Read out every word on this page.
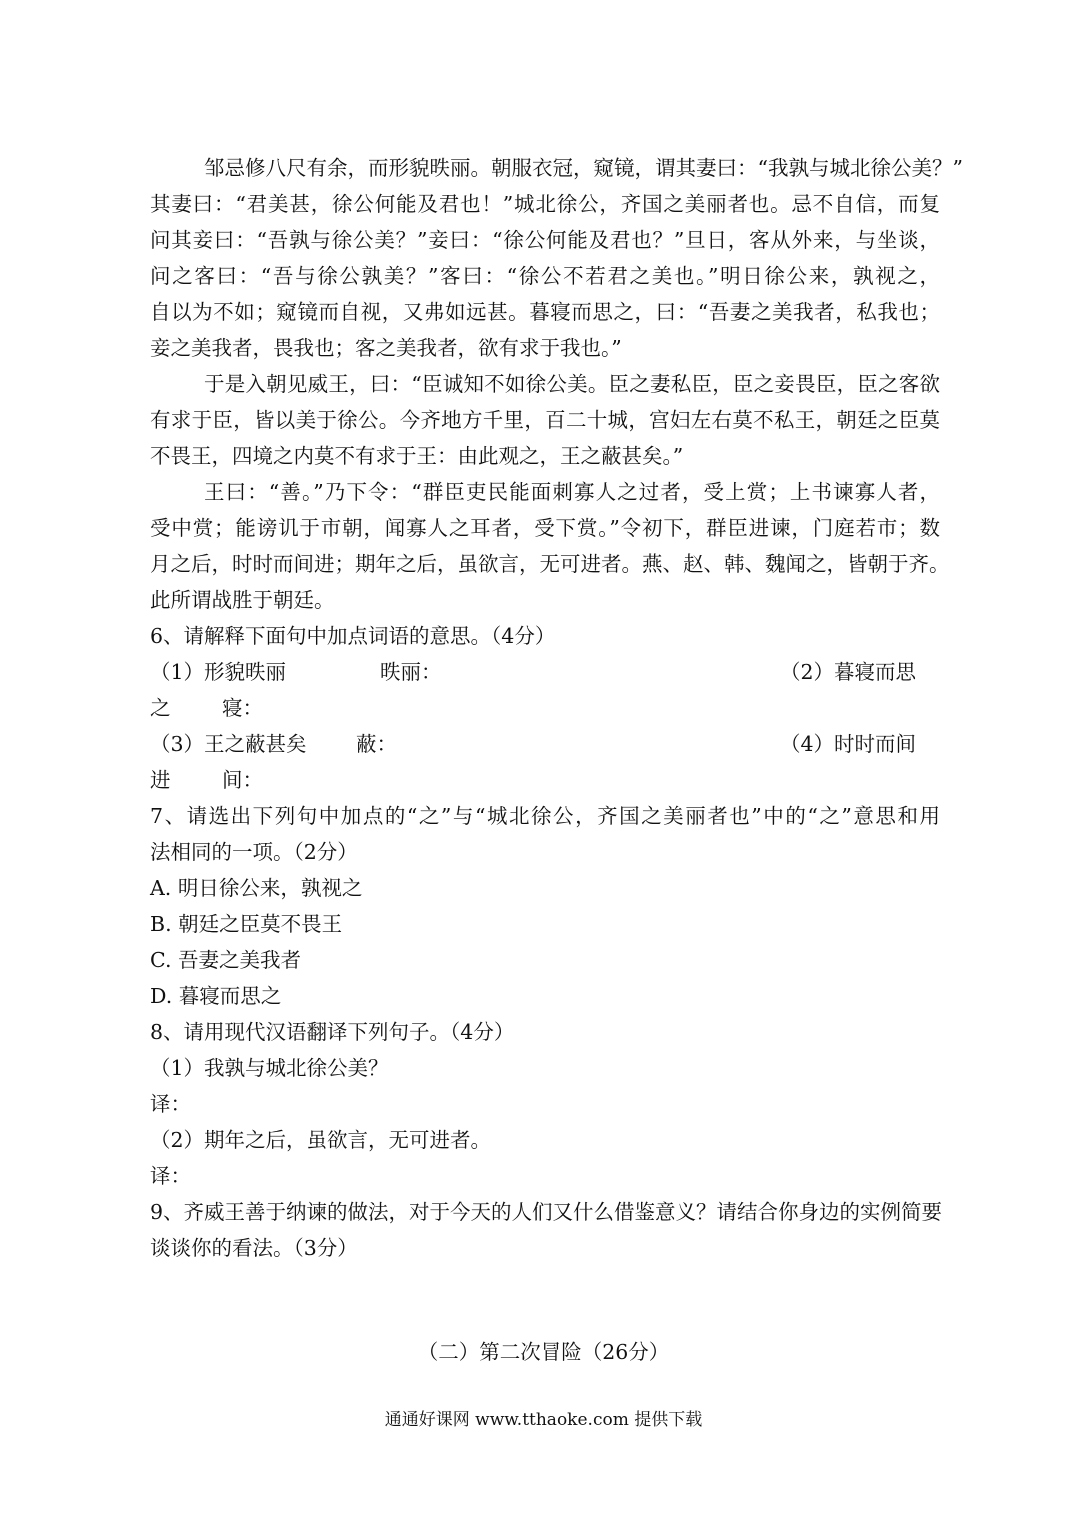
邹忌修八尺有余，而形貌昳丽。朝服衣冠，窥镜，谓其妻曰：“我孰与城北徐公美？”
其妻曰：“君美甚，徐公何能及君也！”城北徐公，齐国之美丽者也。忌不自信，而复
问其妾曰：“吾孰与徐公美？”妾曰：“徐公何能及君也？”旦日，客从外来，与坐谈，
问之客曰：“吾与徐公孰美？”客曰：“徐公不若君之美也。”明日徐公来，孰视之，
自以为不如；窥镜而自视，又弗如远甚。暮寝而思之，曰：“吾妻之美我者，私我也；
妾之美我者，畏我也；客之美我者，欲有求于我也。”
于是入朝见威王，曰：“臣诚知不如徐公美。臣之妻私臣，臣之妾畏臣，臣之客欲
有求于臣，皆以美于徐公。今齐地方千里，百二十城，宫妇左右莫不私王，朝廷之臣莫
不畏王，四境之内莫不有求于王：由此观之，王之蔽甚矣。”
王曰：“善。”乃下令：“群臣吏民能面刺寡人之过者，受上赏；上书谏寡人者，
受中赏；能谤讥于市朝，闻寡人之耳者，受下赏。”令初下，群臣进谏，门庭若市；数
月之后，时时而间进；期年之后，虽欲言，无可进者。燕、赵、韩、魏闻之，皆朝于齐。
此所谓战胜于朝廷。
6、请解释下面句中加点词语的意思。（4分）
（1）形貌昳丽	昳丽：	（2）暮寝而思
之	寝：
（3）王之蔽甚矣 蔽：	（4）时时而间
进	间：
7、请选出下列句中加点的“之”与“城北徐公，齐国之美丽者也”中的“之”意思和用
法相同的一项。（2分）
A. 明日徐公来，孰视之
B. 朝廷之臣莫不畏王
C. 吾妻之美我者
D. 暮寝而思之
8、请用现代汉语翻译下列句子。（4分）
（1）我孰与城北徐公美？
译：
（2）期年之后，虽欲言，无可进者。
译：
9、齐威王善于纳谏的做法，对于今天的人们又什么借鉴意义？请结合你身边的实例简要
谈谈你的看法。（3分）
（二）第二次冒险（26分）
通通好课网 www.tthaoke.com 提供下载
